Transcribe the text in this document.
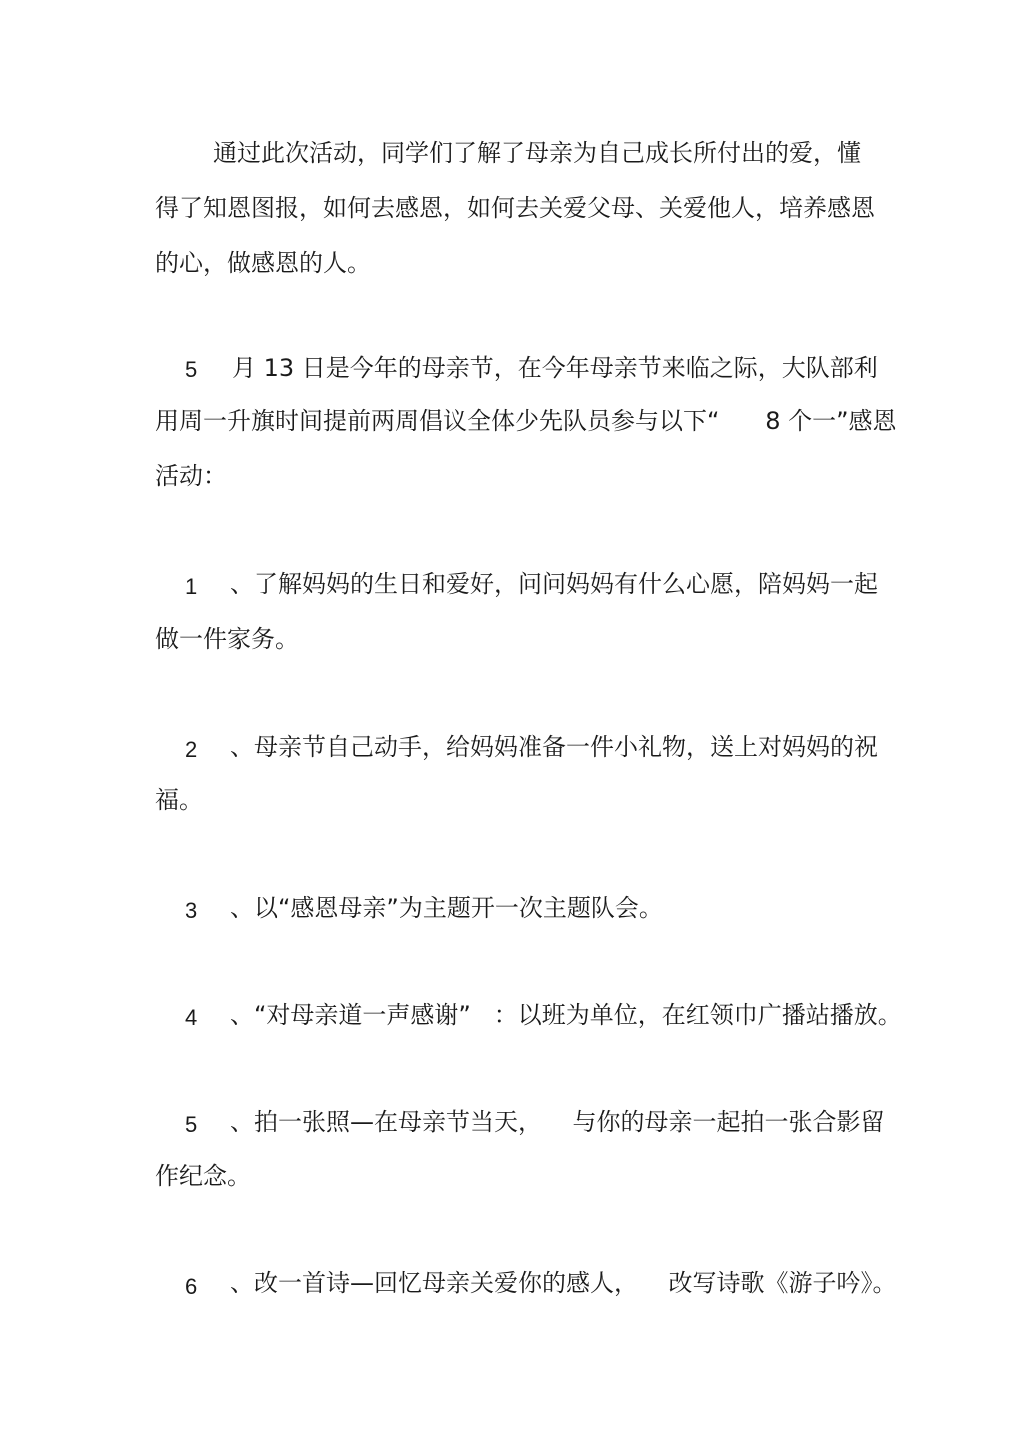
通过此次活动，同学们了解了母亲为自己成长所付出的爱，懂
得了知恩图报，如何去感恩，如何去关爱父母、关爱他人，培养感恩
的心，做感恩的人。
5 月 13 日是今年的母亲节，在今年母亲节来临之际，大队部利
用周一升旗时间提前两周倡议全体少先队员参与以下“      8 个一”感恩
活动：
1 、了解妈妈的生日和爱好，问问妈妈有什么心愿，陪妈妈一起
做一件家务。
2 、母亲节自己动手，给妈妈准备一件小礼物，送上对妈妈的祝
福。
3 、以“感恩母亲”为主题开一次主题队会。
4 、“对母亲道一声感谢”   ：以班为单位，在红领巾广播站播放。
5 、拍一张照—在母亲节当天，    与你的母亲一起拍一张合影留
作纪念。
6 、改一首诗—回忆母亲关爱你的感人，    改写诗歌《游子吟》。
